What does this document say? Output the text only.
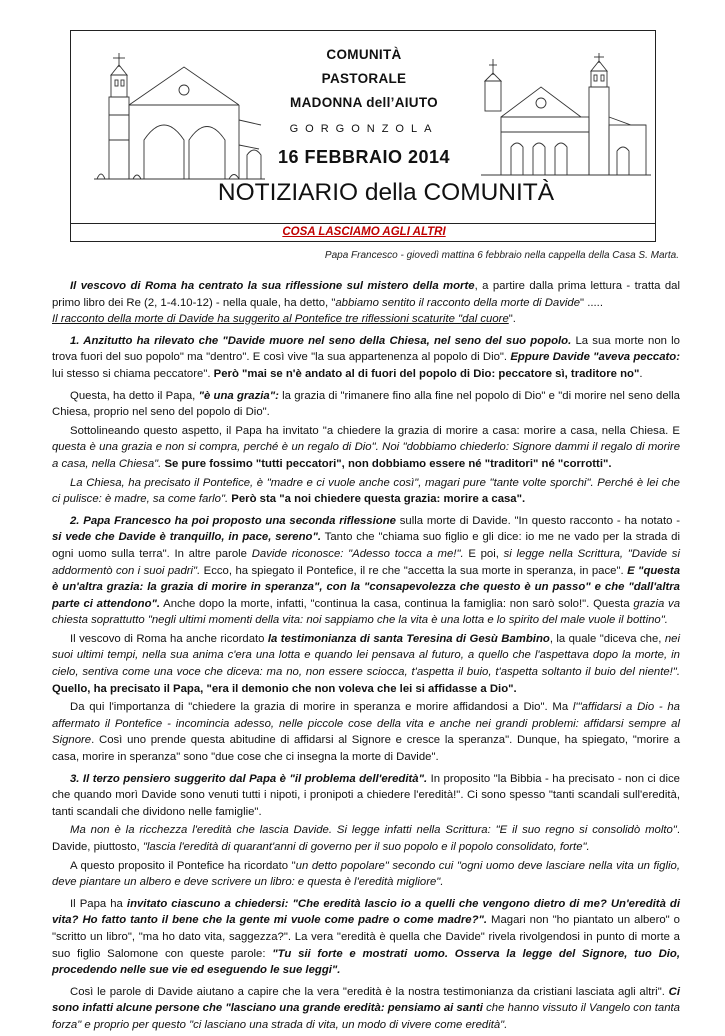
COMUNITÀ
PASTORALE
MADONNA dell’AIUTO
GORGONZOLA
16 FEBBRAIO 2014
NOTIZIARIO della COMUNITÀ
COSA LASCIAMO AGLI ALTRI
Papa Francesco - giovedì mattina 6 febbraio nella cappella della Casa S. Marta.

Il vescovo di Roma ha centrato la sua riflessione sul mistero della morte, a partire dalla prima lettura - tratta dal primo libro dei Re (2, 1-4.10-12) - nella quale, ha detto, "abbiamo sentito il racconto della morte di Davide" .....
Il racconto della morte di Davide ha suggerito al Pontefice tre riflessioni scaturite "dal cuore".

1. Anzitutto ha rilevato che "Davide muore nel seno della Chiesa, nel seno del suo popolo. La sua morte non lo trova fuori del suo popolo" ma "dentro". E così vive "la sua appartenenza al popolo di Dio". Eppure Davide "aveva peccato: lui stesso si chiama peccatore". Però "mai se n'è andato al di fuori del popolo di Dio: peccatore sì, traditore no".

Questa, ha detto il Papa, "è una grazia": la grazia di "rimanere fino alla fine nel popolo di Dio" e "di morire nel seno della Chiesa, proprio nel seno del popolo di Dio".

Sottolineando questo aspetto, il Papa ha invitato "a chiedere la grazia di morire a casa: morire a casa, nella Chiesa. E questa è una grazia e non si compra, perché è un regalo di Dio". Noi "dobbiamo chiederlo: Signore dammi il regalo di morire a casa, nella Chiesa". Se pure fossimo "tutti peccatori", non dobbiamo essere né "traditori" né "corrotti".

La Chiesa, ha precisato il Pontefice, è "madre e ci vuole anche così", magari pure "tante volte sporchi". Perché è lei che ci pulisce: è madre, sa come farlo". Però sta "a noi chiedere questa grazia: morire a casa".

2. Papa Francesco ha poi proposto una seconda riflessione sulla morte di Davide. "In questo racconto - ha notato - si vede che Davide è tranquillo, in pace, sereno". Tanto che "chiama suo figlio e gli dice: io me ne vado per la strada di ogni uomo sulla terra". In altre parole Davide riconosce: "Adesso tocca a me!". E poi, si legge nella Scrittura, "Davide si addormentò con i suoi padri". Ecco, ha spiegato il Pontefice, il re che "accetta la sua morte in speranza, in pace". E "questa è un'altra grazia: la grazia di morire in speranza", con la "consapevolezza che questo è un passo" e che "dall'altra parte ci attendono". Anche dopo la morte, infatti, "continua la casa, continua la famiglia: non sarò solo!". Questa grazia va chiesta soprattutto "negli ultimi momenti della vita: noi sappiamo che la vita è una lotta e lo spirito del male vuole il bottino".

Il vescovo di Roma ha anche ricordato la testimonianza di santa Teresina di Gesù Bambino, la quale "diceva che, nei suoi ultimi tempi, nella sua anima c'era una lotta e quando lei pensava al futuro, a quello che l'aspettava dopo la morte, in cielo, sentiva come una voce che diceva: ma no, non essere sciocca, t'aspetta il buio, t'aspetta soltanto il buio del niente!". Quello, ha precisato il Papa, "era il demonio che non voleva che lei si affidasse a Dio".

Da qui l'importanza di "chiedere la grazia di morire in speranza e morire affidandosi a Dio". Ma l'"affidarsi a Dio - ha affermato il Pontefice - incomincia adesso, nelle piccole cose della vita e anche nei grandi problemi: affidarsi sempre al Signore. Così uno prende questa abitudine di affidarsi al Signore e cresce la speranza". Dunque, ha spiegato, "morire a casa, morire in speranza" sono "due cose che ci insegna la morte di Davide".

3. Il terzo pensiero suggerito dal Papa è "il problema dell'eredità". In proposito "la Bibbia - ha precisato - non ci dice che quando morì Davide sono venuti tutti i nipoti, i pronipoti a chiedere l'eredità!". Ci sono spesso "tanti scandali sull'eredità, tanti scandali che dividono nelle famiglie".

Ma non è la ricchezza l'eredità che lascia Davide. Si legge infatti nella Scrittura: "E il suo regno si consolidò molto". Davide, piuttosto, "lascia l'eredità di quarant'anni di governo per il suo popolo e il popolo consolidato, forte".

A questo proposito il Pontefice ha ricordato "un detto popolare" secondo cui "ogni uomo deve lasciare nella vita un figlio, deve piantare un albero e deve scrivere un libro: e questa è l'eredità migliore".

Il Papa ha invitato ciascuno a chiedersi: "Che eredità lascio io a quelli che vengono dietro di me? Un'eredità di vita? Ho fatto tanto il bene che la gente mi vuole come padre o come madre?". Magari non "ho piantato un albero" o "scritto un libro", "ma ho dato vita, saggezza?". La vera "eredità è quella che Davide" rivela rivolgendosi in punto di morte a suo figlio Salomone con queste parole: "Tu sii forte e mostrati uomo. Osserva la legge del Signore, tuo Dio, procedendo nelle sue vie ed eseguendo le sue leggi".

Così le parole di Davide aiutano a capire che la vera "eredità è la nostra testimonianza da cristiani lasciata agli altri". Ci sono infatti alcune persone che "lasciano una grande eredità: pensiamo ai santi che hanno vissuto il Vangelo con tanta forza" e proprio per questo "ci lasciano una strada di vita, un modo di vivere come eredità".
